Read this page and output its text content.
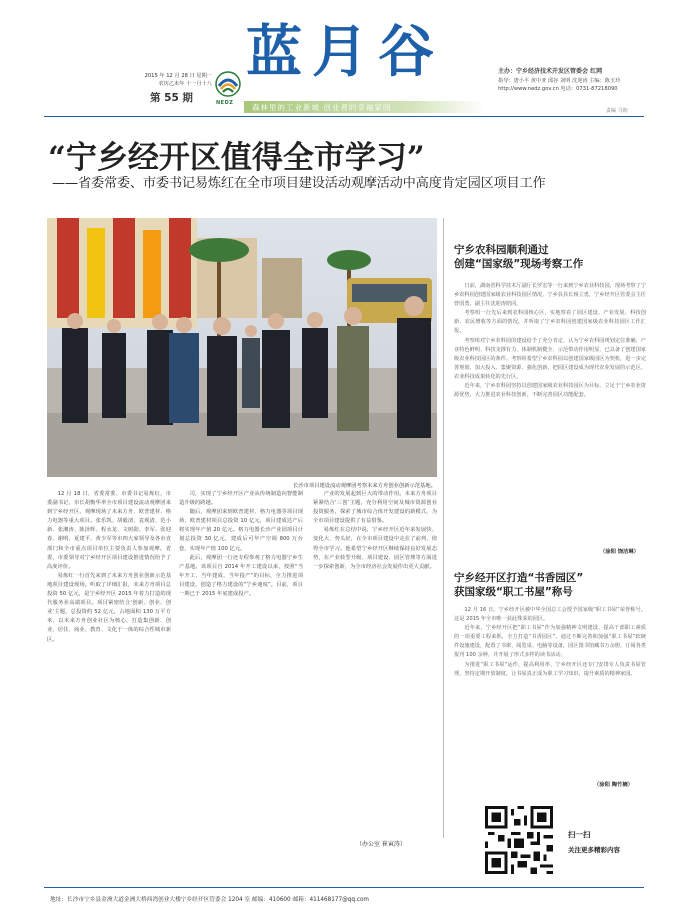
2015 年 12 月 28 日 星期一
农历乙未年 十一月十八
第 55 期	NEDZ
蓝月谷
森林里的工业新城 创业者的幸福家园
主办：宁乡经济技术开发区管委会 红网
指导：唐小平 黄中亚 邱谷 刘明 沈迎涛 主编：陈玉玲
http://www.nedz.gov.cn 电话：0731-87218090
责编 马昀
“宁乡经开区值得全市学习”
——省委常委、市委书记易炼红在全市项目建设活动观摩活动中高度肯定园区项目工作
长沙市项目建设流动观摩团考察未来方舟创业创新示范基地。

12 月 18 日，省委常委、市委书记易炼红，市委副书记、市长胡衡华率全市项目建设流动观摩团来到宁乡经开区，观摩现场了未来方舟、欧普建材、格力电器等重大项目。张乐凯、胡毅清、袁观清、范小新、张湘涛、陈泽辉、程水龙、文树勋、李军、张迎春、谢明、夏建平、黄少军等市四大家领导及各市直部门和全市重点项目单位主要负责人参加观摩。省委、市委领导对宁乡经开区项目建设推进情况给予了高度评价。

易炼红一行首先来到了未来方舟创业创新示范基地项目建设现场。听取了详细汇报，未来方舟项目总投资 50 亿元，是宁乡经开区 2015 年着力打造的现代服务业高端项目。项目紧密结合‘创新、创业、创业’主题，总投资约 52 亿元，占地面积 130 万平方米，以未来方舟创业社区为核心，打造集创新、创业、居住、商业、教育、文化于一体的综合性城市新区。

司，实现了宁乡经开区产业从传统制造向智能制造升级的跨越。

随后，观摩团来到欧普建材、格力电器等项目现场，欧普建材项目总投资 10 亿元，项目建成达产后将实现年产值 20 亿元。格力电器长沙产业园项目计划总投资 30 亿元，建成后可年产空调 800 万台套，实现年产值 100 亿元。

此后，观摩团一行还专程参观了格力电器宁乡生产基地。该项目自 2014 年开工建设以来，按照“当年开工、当年建成、当年投产”的目标，全力推进项目建设，创造了格力建设的“宁乡速度”。目前，项目一期已于 2015 年底建成投产。

产业的发展起到巨大的带动作用。未来方舟项目紧紧结合‘三创’主题，充分利用空间及城市资源创业投资服务，探索了城市综合体开发建设的新模式，为全市项目建设提供了有益借鉴。

易炼红在总结中说，宁乡经开区近年来发展快、变化大、势头好，在全市项目建设中走在了前列，值得全市学习。他希望宁乡经开区继续保持良好发展态势，在产业转型升级、项目建设、园区管理等方面进一步探索创新，为全市经济社会发展作出更大贡献。

（办公室 崔寅涛）
宁乡农科园顺利通过
创建“国家级”现场考察工作

日前，湖南省科学技术厅副厅长罗宏等一行来到宁乡农业科技园，现场考察了宁乡农科园创建国家级农业科技园区情况。宁乡县县长杨立勇，宁乡经开区管委会主任曾国勇，副主任沈迎涛陪同。

考察组一行先后来到农科园核心区，实地察看了园区建设、产业发展、科技创新、农民增收等方面的情况，并听取了宁乡农科园创建国家级农业科技园区工作汇报。

考察组对宁乡农科园的建设给予了充分肯定，认为宁乡农科园规划定位准确、产业特色鲜明、科技支撑有力、体制机制健全、示范带动作用明显，已具备了创建国家级农业科技园区的条件。考察组希望宁乡农科园以创建国家级园区为契机，进一步完善规划、加大投入、集聚资源、强化创新，把园区建设成为现代农业发展的示范区、农业科技成果转化的先行区。

近年来，宁乡农科园坚持以创建国家级农业科技园区为目标，立足于宁乡农业资源优势，大力推进农业科技创新，不断完善园区功能配套。

（涂阳 饶洁琳）
宁乡经开区打造“书香园区”
获国家级“职工书屋”称号

12 月 16 日，宁乡经开区被中华全国总工会授予国家级“职工书屋”荣誉称号。这是 2015 年全市唯一获此殊荣的园区。

近年来，宁乡经开区把“职工书屋”作为加强精神文明建设、提高干部职工素质的一项重要工程来抓，全力打造“书香园区”。通过不断完善和加强“职工书屋”软硬件设施建设，配置了书架、阅览桌、电脑等设备，园区图书馆藏书万余册，订阅各类报刊 100 余种，并开展了形式多样的读书活动。

为推进“职工书屋”运作，提高利用率，宁乡经开区还专门安排专人负责书屋管理，坚持定期开放制度，让书屋真正成为职工学习知识、提升素质的精神家园。

（涂阳 陶竹楠）
扫一扫
关注更多精彩内容
地址：长沙市宁乡县金洲大道金洲大桥西湾创业大楼宁乡经开区管委会 1204 室 邮编：410600 邮箱：411468177@qq.com
